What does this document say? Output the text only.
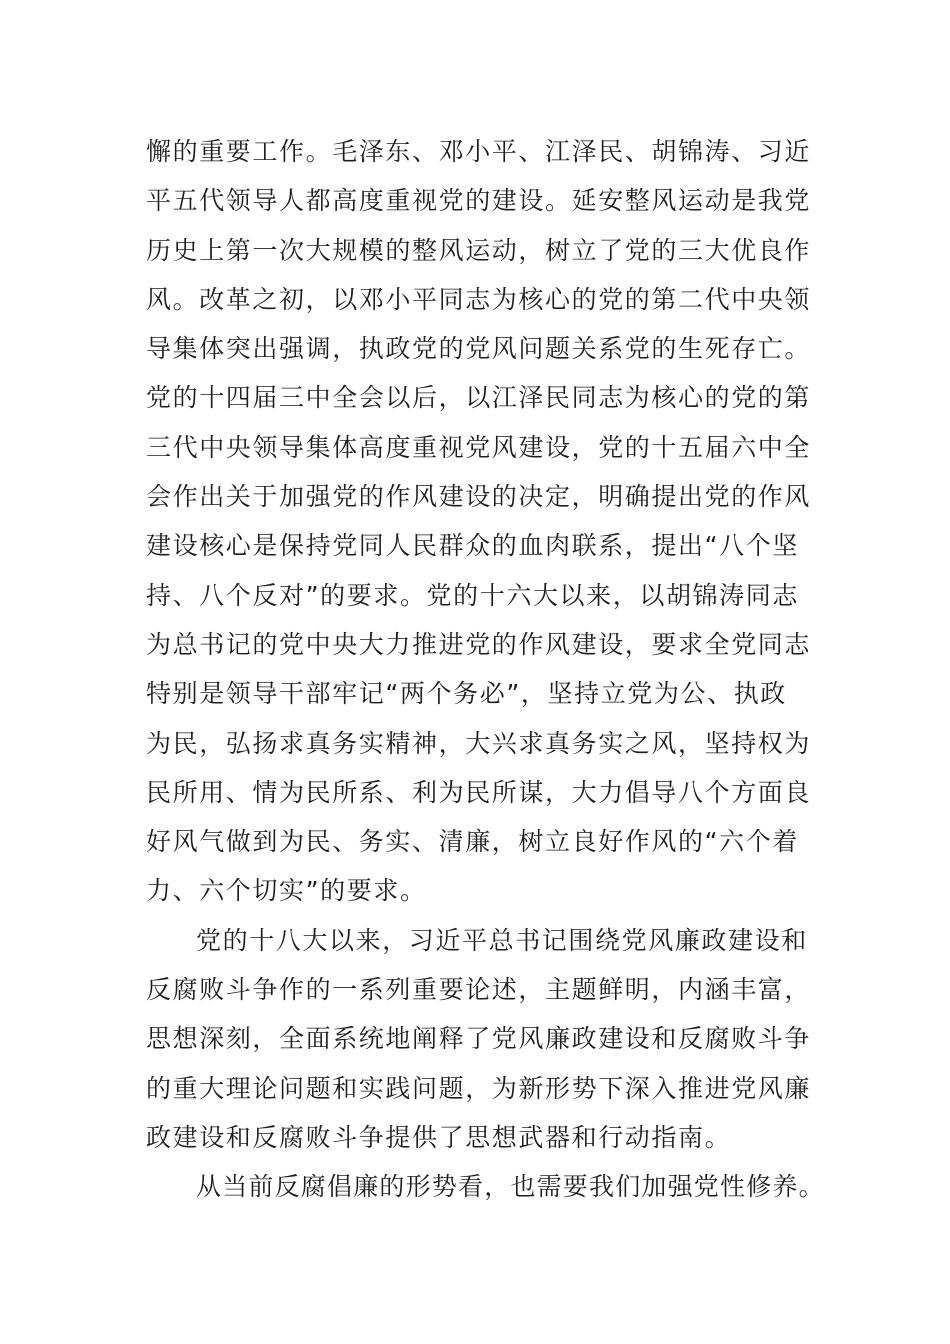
懈的重要工作。毛泽东、邓小平、江泽民、胡锦涛、习近
平五代领导人都高度重视党的建设。延安整风运动是我党
历史上第一次大规模的整风运动，树立了党的三大优良作
风。改革之初，以邓小平同志为核心的党的第二代中央领
导集体突出强调，执政党的党风问题关系党的生死存亡。
党的十四届三中全会以后，以江泽民同志为核心的党的第
三代中央领导集体高度重视党风建设，党的十五届六中全
会作出关于加强党的作风建设的决定，明确提出党的作风
建设核心是保持党同人民群众的血肉联系，提出“八个坚
持、八个反对”的要求。党的十六大以来，以胡锦涛同志
为总书记的党中央大力推进党的作风建设，要求全党同志
特别是领导干部牢记“两个务必”，坚持立党为公、执政
为民，弘扬求真务实精神，大兴求真务实之风，坚持权为
民所用、情为民所系、利为民所谋，大力倡导八个方面良
好风气做到为民、务实、清廉，树立良好作风的“六个着
力、六个切实”的要求。
党的十八大以来，习近平总书记围绕党风廉政建设和
反腐败斗争作的一系列重要论述，主题鲜明，内涵丰富，
思想深刻，全面系统地阐释了党风廉政建设和反腐败斗争
的重大理论问题和实践问题，为新形势下深入推进党风廉
政建设和反腐败斗争提供了思想武器和行动指南。
从当前反腐倡廉的形势看，也需要我们加强党性修养。
